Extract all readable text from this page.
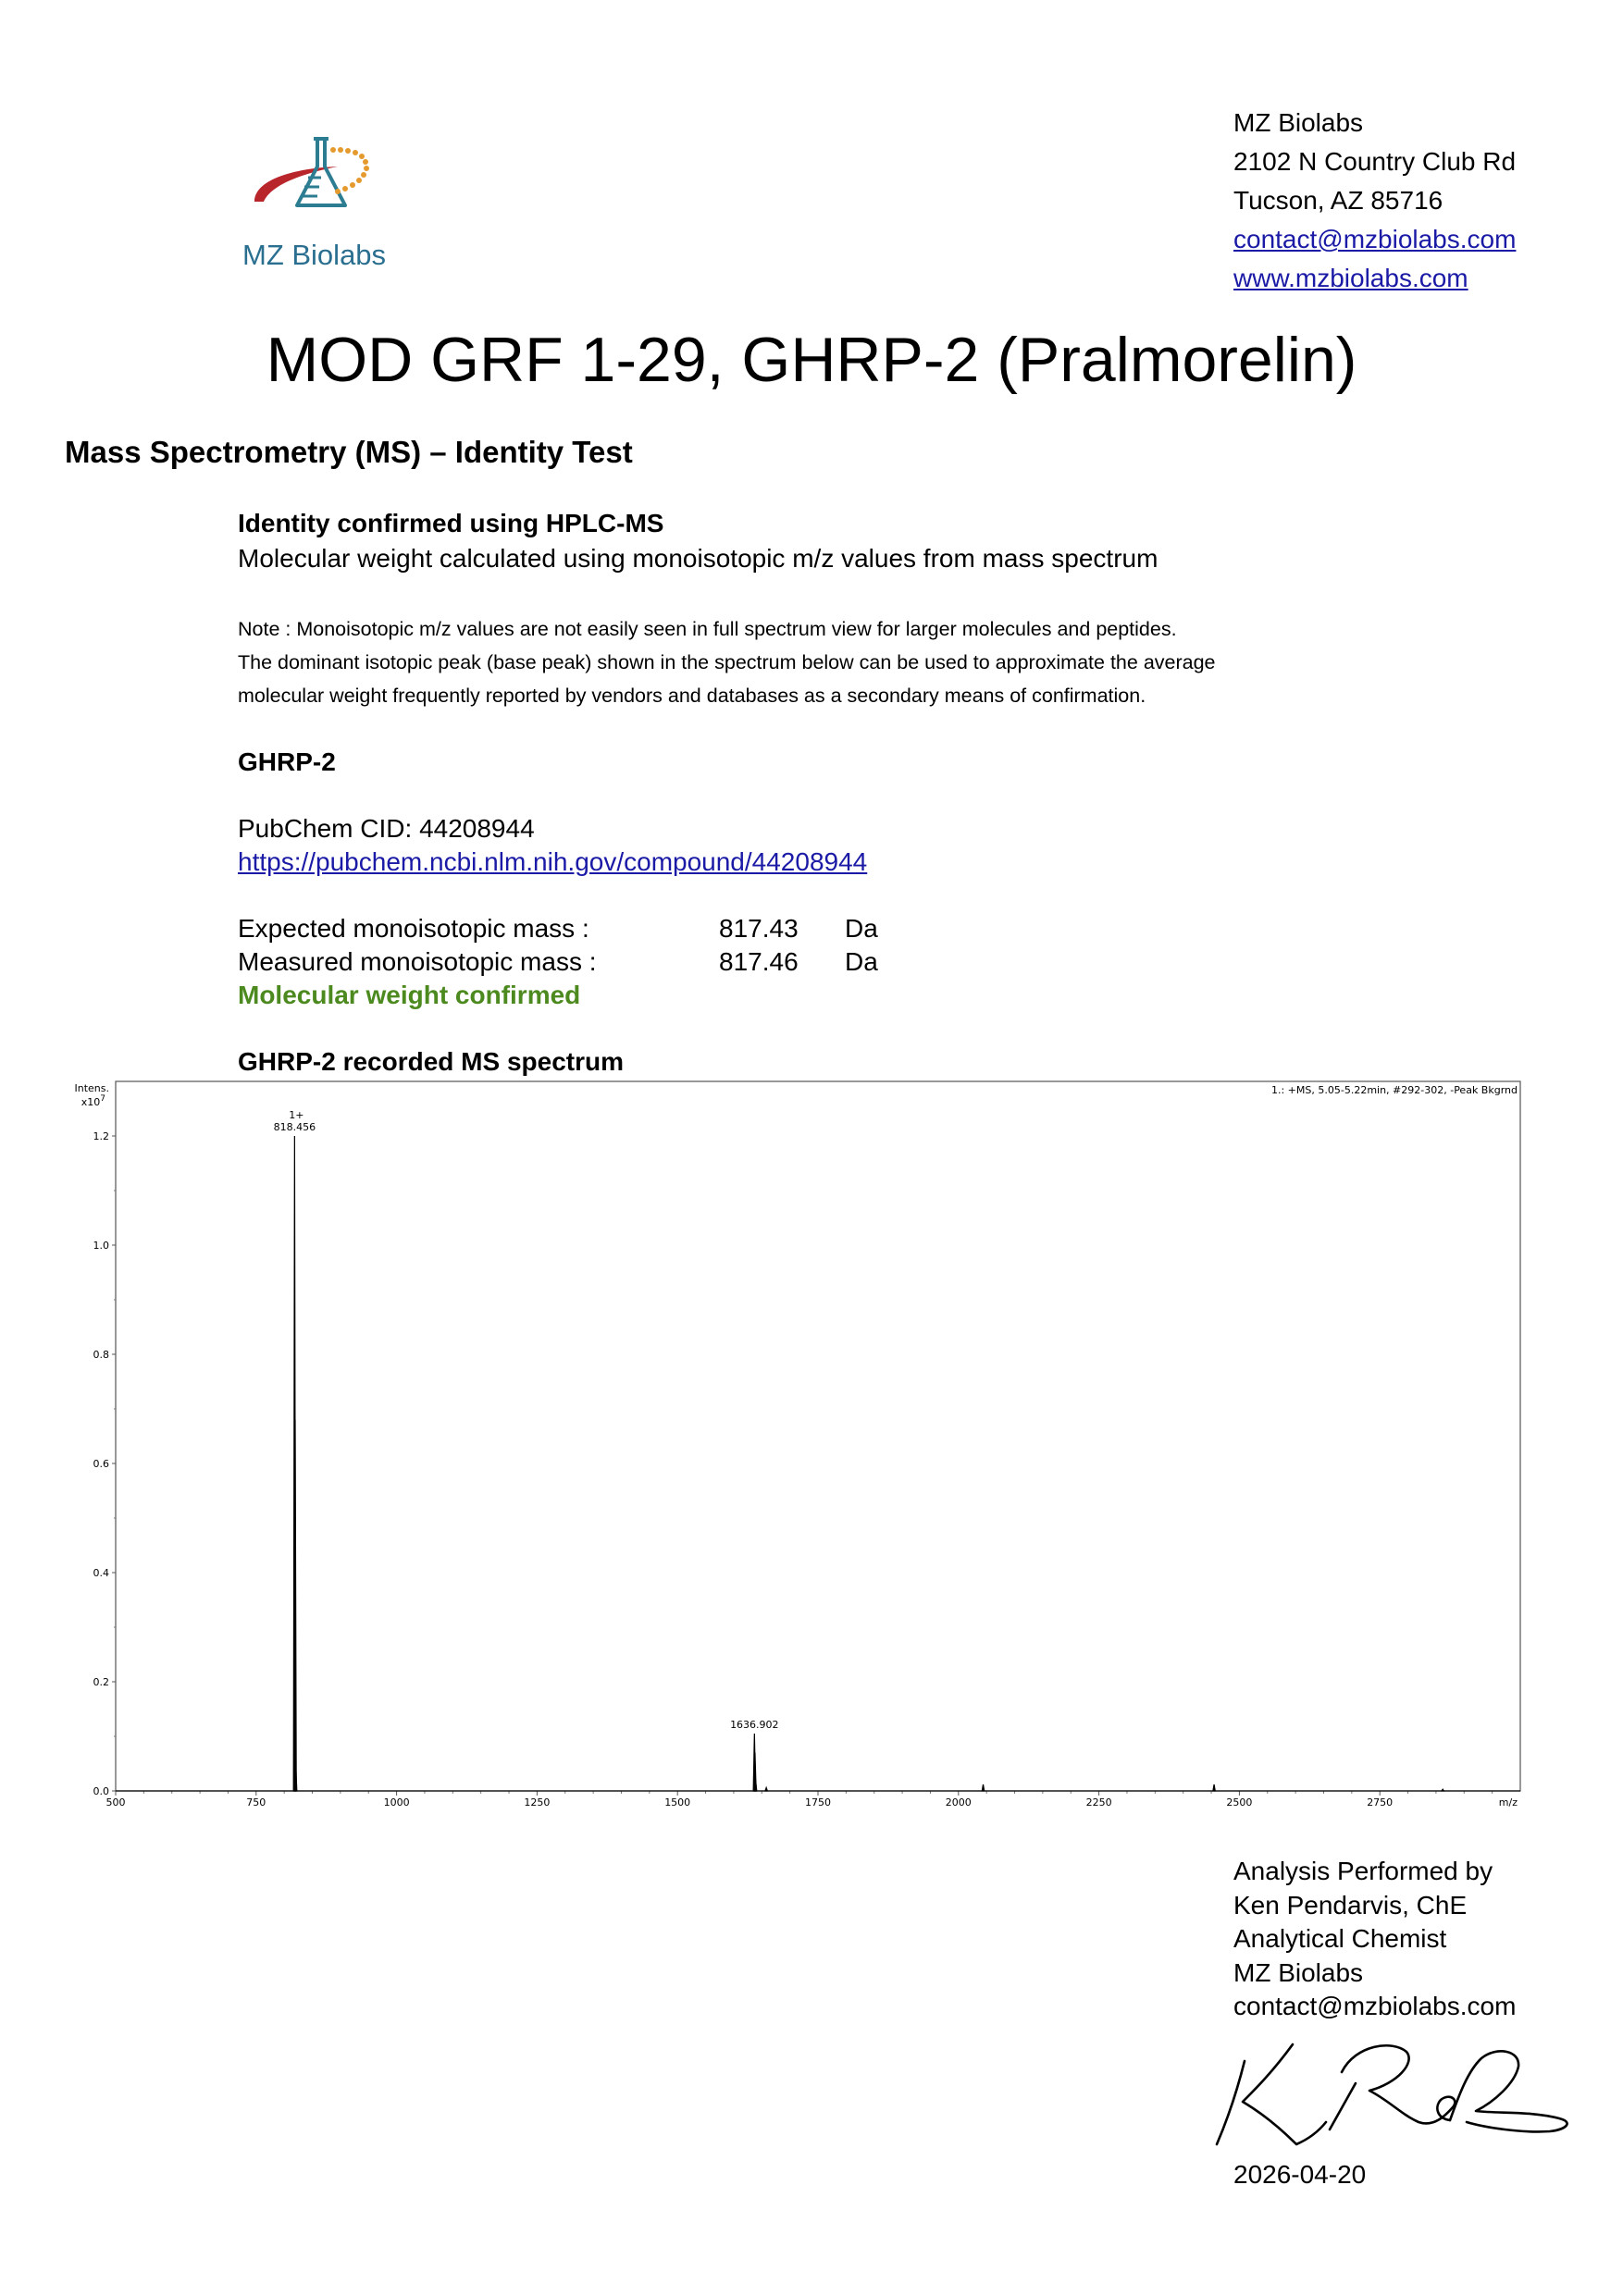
MZ Biolabs
MZ Biolabs
2102 N Country Club Rd
Tucson, AZ 85716
contact@mzbiolabs.com
www.mzbiolabs.com
MOD GRF 1-29, GHRP-2 (Pralmorelin)
Mass Spectrometry (MS) – Identity Test
Identity confirmed using HPLC-MS
Molecular weight calculated using monoisotopic m/z values from mass spectrum
Note : Monoisotopic m/z values are not easily seen in full spectrum view for larger molecules and peptides.
The dominant isotopic peak (base peak) shown in the spectrum below can be used to approximate the average
molecular weight frequently reported by vendors and databases as a secondary means of confirmation.
GHRP-2
PubChem CID: 44208944
https://pubchem.ncbi.nlm.nih.gov/compound/44208944
Expected monoisotopic mass :	817.43 Da
Measured monoisotopic mass :	817.46 Da
Molecular weight confirmed
GHRP-2 recorded MS spectrum
Intens.
$x10^7$
1.: +MS, 5.05-5.22min, #292-302, -Peak Bkgrnd
0.0
0.2
0.4
0.6
0.8
1.0
1.2
500	750	1000	1250	1500	1750	2000	2250	2500	2750	m/z
818.456
1+
1636.902
Analysis Performed by
Ken Pendarvis, ChE
Analytical Chemist
MZ Biolabs
contact@mzbiolabs.com
2026-04-20
